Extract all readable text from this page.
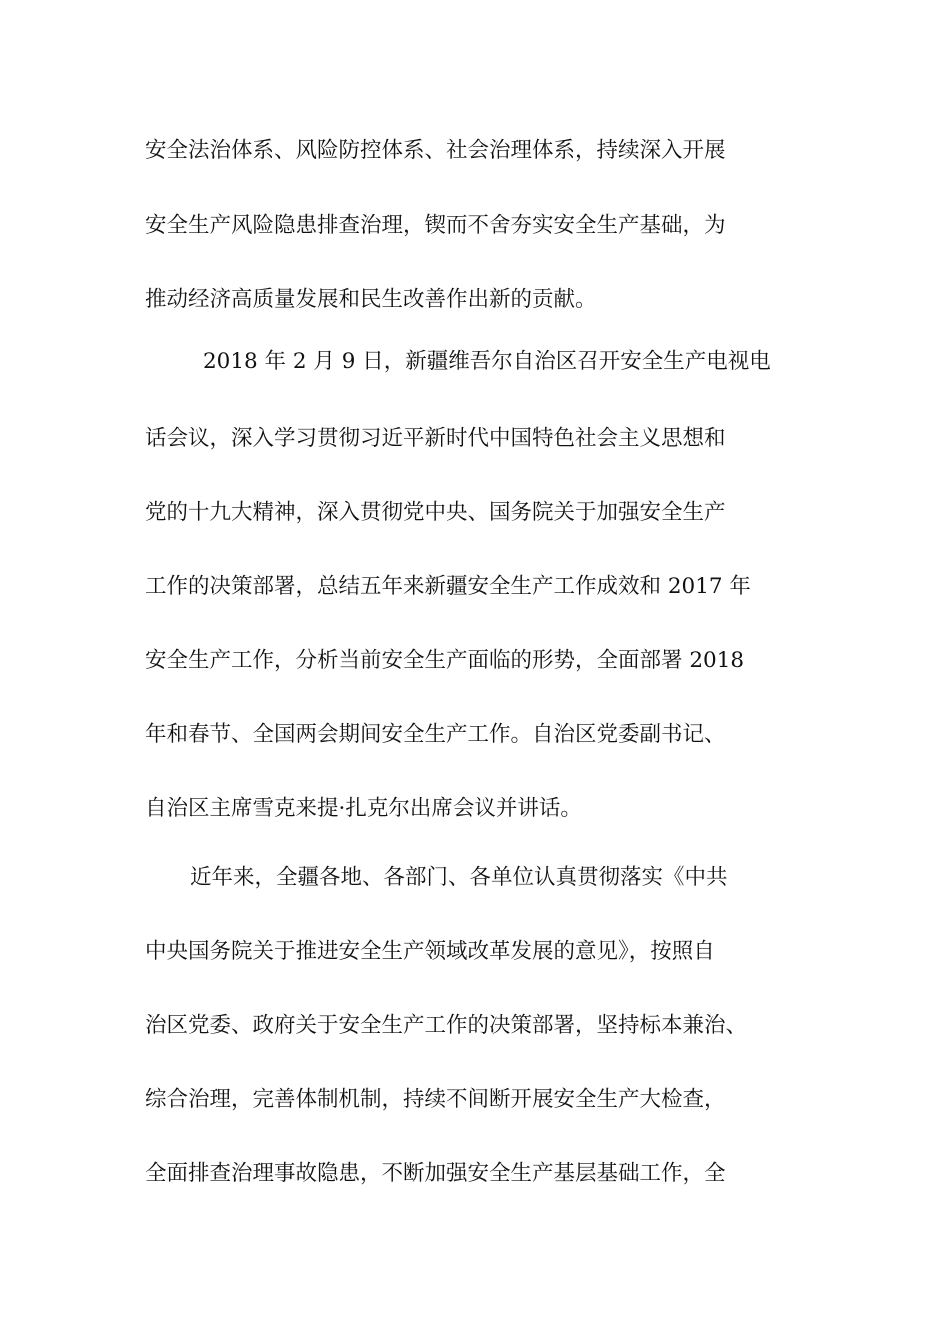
安全法治体系、风险防控体系、社会治理体系，持续深入开展
安全生产风险隐患排查治理，锲而不舍夯实安全生产基础，为
推动经济高质量发展和民生改善作出新的贡献。
2018 年 2 月 9 日，新疆维吾尔自治区召开安全生产电视电
话会议，深入学习贯彻习近平新时代中国特色社会主义思想和
党的十九大精神，深入贯彻党中央、国务院关于加强安全生产
工作的决策部署，总结五年来新疆安全生产工作成效和 2017 年
安全生产工作，分析当前安全生产面临的形势，全面部署 2018
年和春节、全国两会期间安全生产工作。自治区党委副书记、
自治区主席雪克来提·扎克尔出席会议并讲话。
近年来，全疆各地、各部门、各单位认真贯彻落实《中共
中央国务院关于推进安全生产领域改革发展的意见》，按照自
治区党委、政府关于安全生产工作的决策部署，坚持标本兼治、
综合治理，完善体制机制，持续不间断开展安全生产大检查，
全面排查治理事故隐患，不断加强安全生产基层基础工作，全
